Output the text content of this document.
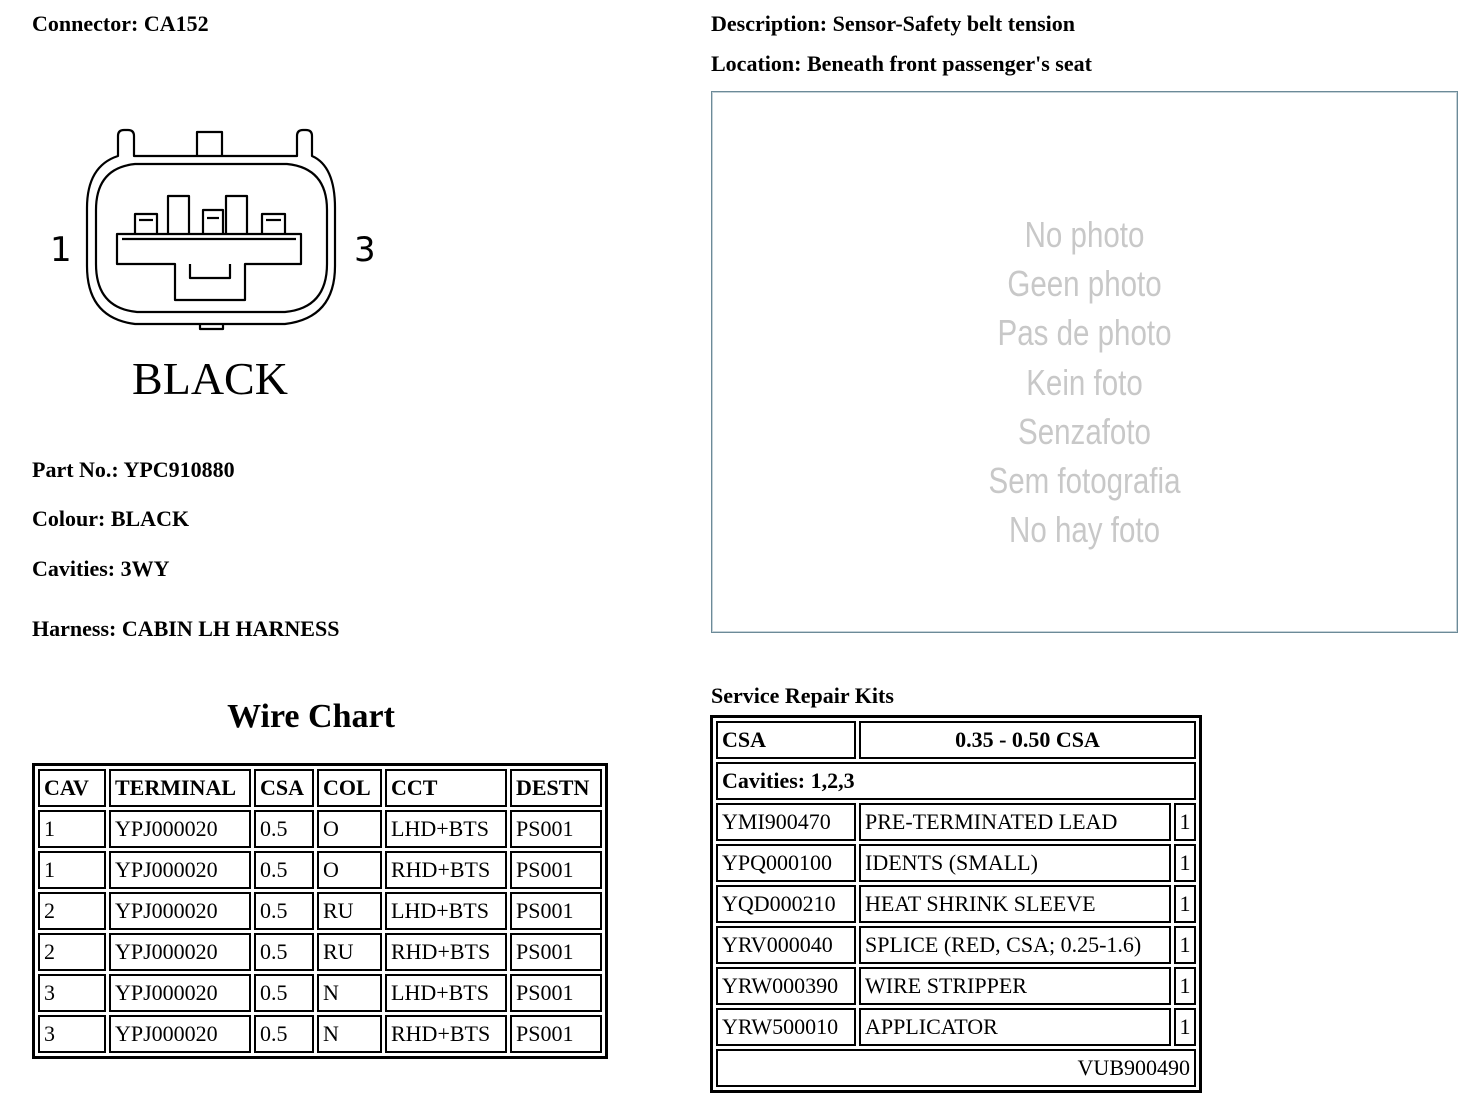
Connector: CA152	Description: Sensor-Safety belt tension
Location: Beneath front passenger's seat
1	3
BLACK
Part No.: YPC910880
Colour: BLACK
Cavities: 3WY
Harness: CABIN LH HARNESS
No photo
Geen photo
Pas de photo
Kein foto
Senzafoto
Sem fotografia
No hay foto
Wire Chart
CAV	TERMINAL	CSA	COL	CCT	DESTN
1	YPJ000020	0.5	O	LHD+BTS	PS001
1	YPJ000020	0.5	O	RHD+BTS	PS001
2	YPJ000020	0.5	RU	LHD+BTS	PS001
2	YPJ000020	0.5	RU	RHD+BTS	PS001
3	YPJ000020	0.5	N	LHD+BTS	PS001
3	YPJ000020	0.5	N	RHD+BTS	PS001
Service Repair Kits
CSA	0.35 - 0.50 CSA	
Cavities: 1,2,3		
YMI900470	PRE-TERMINATED LEAD	1
YPQ000100	IDENTS (SMALL)	1
YQD000210	HEAT SHRINK SLEEVE	1
YRV000040	SPLICE (RED, CSA; 0.25-1.6)	1
YRW000390	WIRE STRIPPER	1
YRW500010	APPLICATOR	1
VUB900490		
